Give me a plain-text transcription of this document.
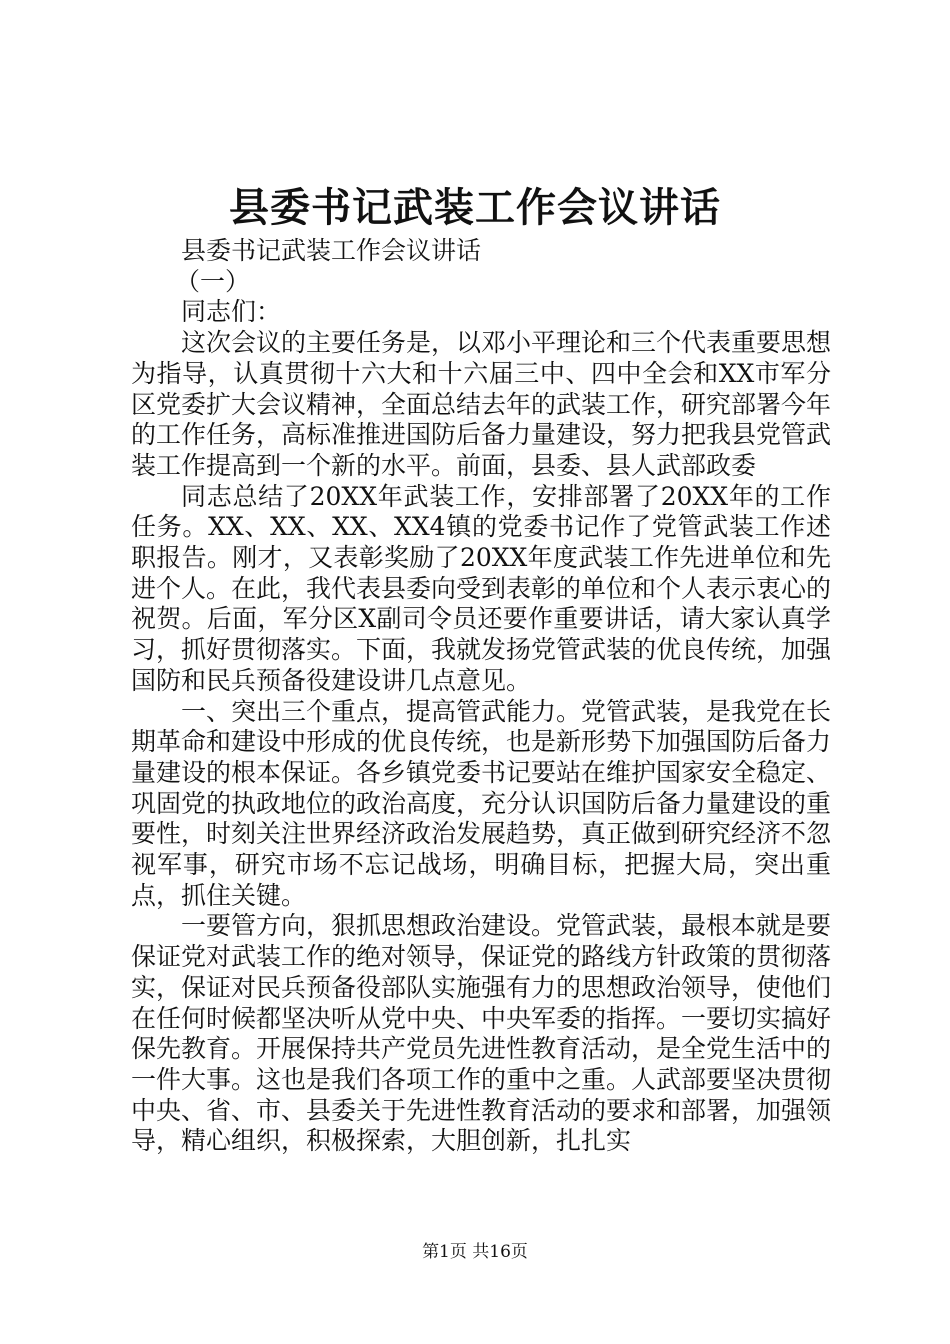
县委书记武装工作会议讲话

县委书记武装工作会议讲话

（一）

同志们：

这次会议的主要任务是，以邓小平理论和三个代表重要思想为指导，认真贯彻十六大和十六届三中、四中全会和XX市军分区党委扩大会议精神，全面总结去年的武装工作，研究部署今年的工作任务，高标准推进国防后备力量建设，努力把我县党管武装工作提高到一个新的水平。前面，县委、县人武部政委

同志总结了20XX年武装工作，安排部署了20XX年的工作任务。XX、XX、XX、XX4镇的党委书记作了党管武装工作述职报告。刚才，又表彰奖励了20XX年度武装工作先进单位和先进个人。在此，我代表县委向受到表彰的单位和个人表示衷心的祝贺。后面，军分区X副司令员还要作重要讲话，请大家认真学习，抓好贯彻落实。下面，我就发扬党管武装的优良传统，加强国防和民兵预备役建设讲几点意见。

一、突出三个重点，提高管武能力。党管武装，是我党在长期革命和建设中形成的优良传统，也是新形势下加强国防后备力量建设的根本保证。各乡镇党委书记要站在维护国家安全稳定、巩固党的执政地位的政治高度，充分认识国防后备力量建设的重要性，时刻关注世界经济政治发展趋势，真正做到研究经济不忽视军事，研究市场不忘记战场，明确目标，把握大局，突出重点，抓住关键。

一要管方向，狠抓思想政治建设。党管武装，最根本就是要保证党对武装工作的绝对领导，保证党的路线方针政策的贯彻落实，保证对民兵预备役部队实施强有力的思想政治领导，使他们在任何时候都坚决听从党中央、中央军委的指挥。一要切实搞好保先教育。开展保持共产党员先进性教育活动，是全党生活中的一件大事。这也是我们各项工作的重中之重。人武部要坚决贯彻中央、省、市、县委关于先进性教育活动的要求和部署，加强领导，精心组织，积极探索，大胆创新，扎扎实

第1页 共16页
